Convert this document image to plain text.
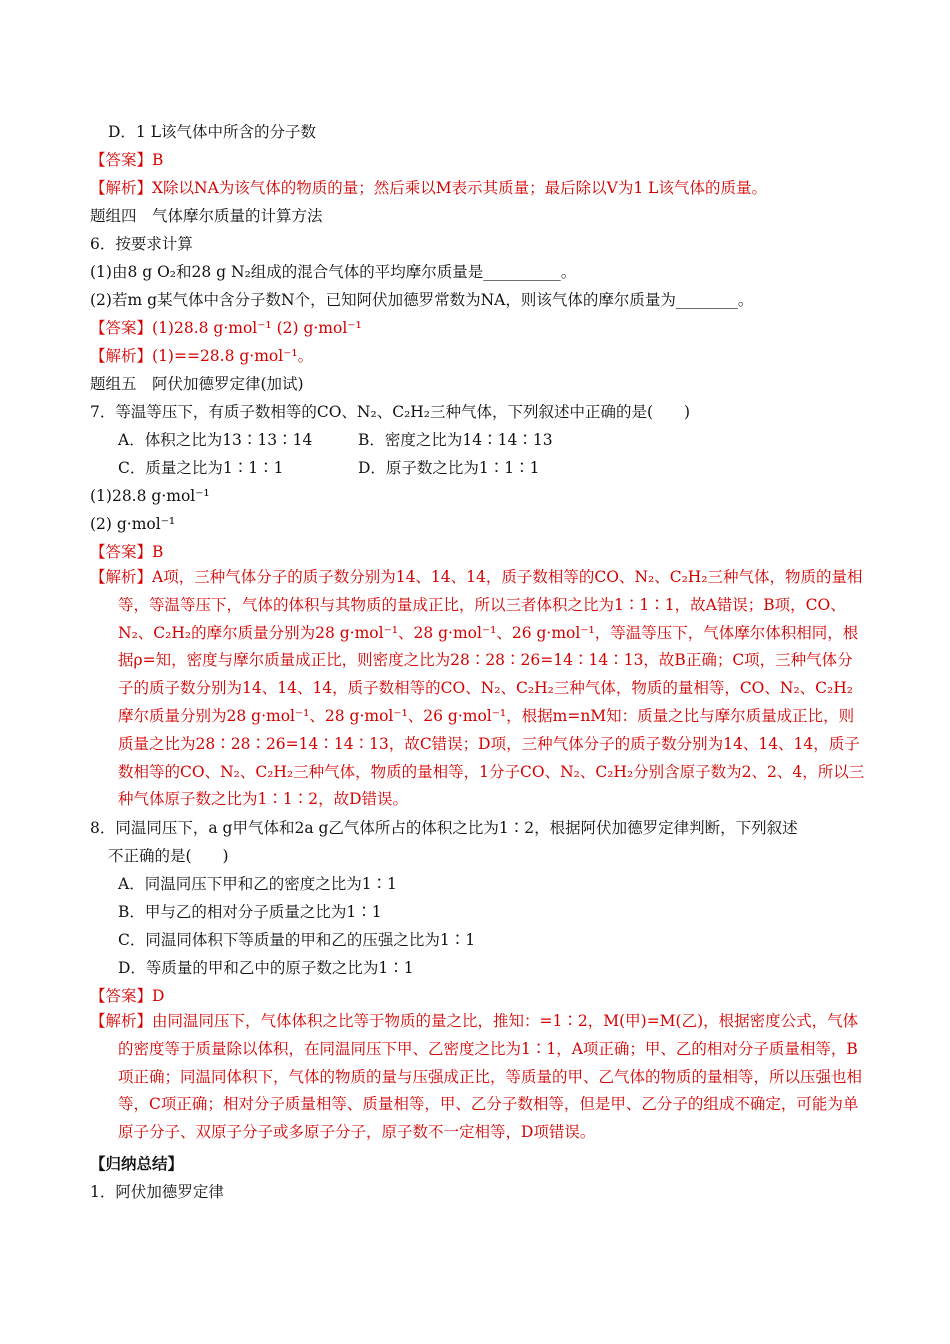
D．1 L该气体中所含的分子数
【答案】B
【解析】X除以NA为该气体的物质的量；然后乘以M表示其质量；最后除以V为1 L该气体的质量。
题组四　气体摩尔质量的计算方法
6．按要求计算
(1)由8 g O₂和28 g N₂组成的混合气体的平均摩尔质量是__________。
(2)若m g某气体中含分子数N个，已知阿伏加德罗常数为NA，则该气体的摩尔质量为________。
【答案】(1)28.8 g·mol⁻¹ (2) g·mol⁻¹
【解析】(1)==28.8 g·mol⁻¹。
题组五　阿伏加德罗定律(加试)
7．等温等压下，有质子数相等的CO、N₂、C₂H₂三种气体，下列叙述中正确的是(　　)
A．体积之比为13∶13∶14	B．密度之比为14∶14∶13
C．质量之比为1∶1∶1	D．原子数之比为1∶1∶1
(1)28.8 g·mol⁻¹
(2) g·mol⁻¹
【答案】B
【解析】A项，三种气体分子的质子数分别为14、14、14，质子数相等的CO、N₂、C₂H₂三种气体，物质的量相等，等温等压下，气体的体积与其物质的量成正比，所以三者体积之比为1∶1∶1，故A错误；B项，CO、N₂、C₂H₂的摩尔质量分别为28 g·mol⁻¹、28 g·mol⁻¹、26 g·mol⁻¹，等温等压下，气体摩尔体积相同，根据ρ=知，密度与摩尔质量成正比，则密度之比为28∶28∶26=14∶14∶13，故B正确；C项，三种气体分子的质子数分别为14、14、14，质子数相等的CO、N₂、C₂H₂三种气体，物质的量相等，CO、N₂、C₂H₂摩尔质量分别为28 g·mol⁻¹、28 g·mol⁻¹、26 g·mol⁻¹，根据m=nM知：质量之比与摩尔质量成正比，则质量之比为28∶28∶26=14∶14∶13，故C错误；D项，三种气体分子的质子数分别为14、14、14，质子数相等的CO、N₂、C₂H₂三种气体，物质的量相等，1分子CO、N₂、C₂H₂分别含原子数为2、2、4，所以三种气体原子数之比为1∶1∶2，故D错误。
8．同温同压下，a g甲气体和2a g乙气体所占的体积之比为1∶2，根据阿伏加德罗定律判断，下列叙述
不正确的是(　　)
A．同温同压下甲和乙的密度之比为1∶1
B．甲与乙的相对分子质量之比为1∶1
C．同温同体积下等质量的甲和乙的压强之比为1∶1
D．等质量的甲和乙中的原子数之比为1∶1
【答案】D
【解析】由同温同压下，气体体积之比等于物质的量之比，推知：=1∶2，M(甲)=M(乙)，根据密度公式，气体的密度等于质量除以体积，在同温同压下甲、乙密度之比为1∶1，A项正确；甲、乙的相对分子质量相等，B项正确；同温同体积下，气体的物质的量与压强成正比，等质量的甲、乙气体的物质的量相等，所以压强也相等，C项正确；相对分子质量相等、质量相等，甲、乙分子数相等，但是甲、乙分子的组成不确定，可能为单原子分子、双原子分子或多原子分子，原子数不一定相等，D项错误。
【归纳总结】
1．阿伏加德罗定律
